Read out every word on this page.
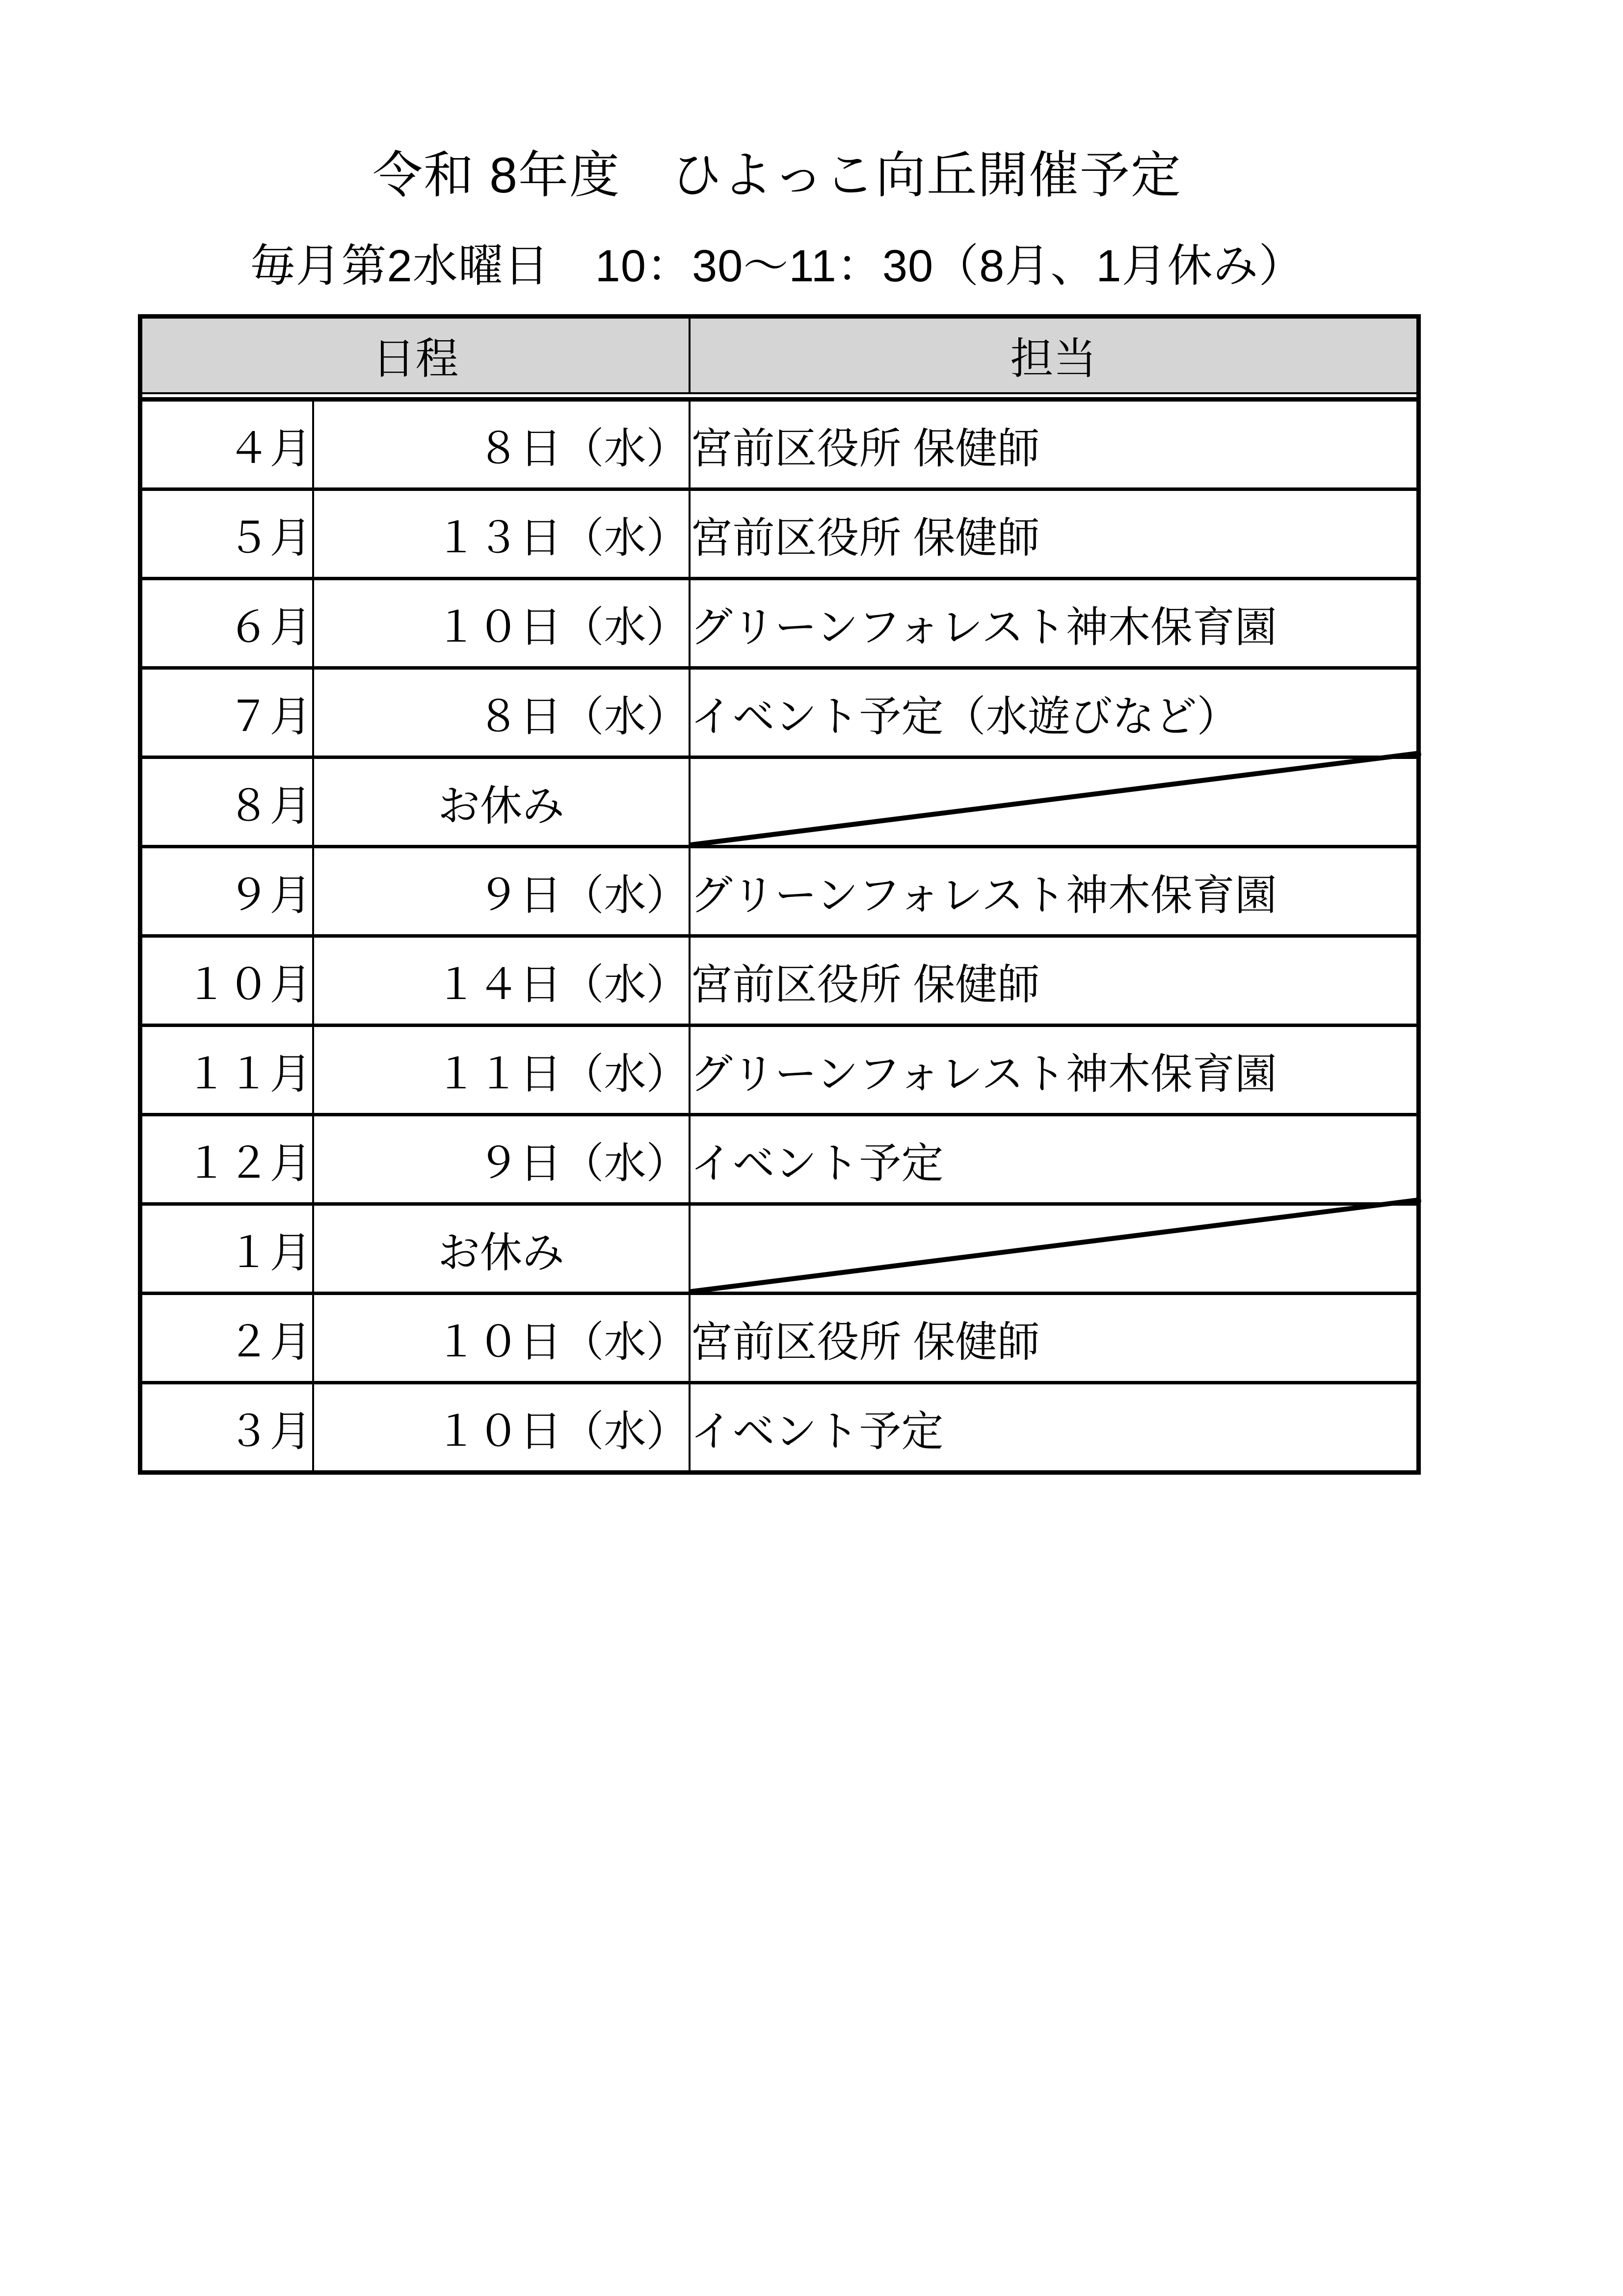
令和 8年度　ひよっこ向丘開催予定
毎月第2水曜日　10：30～11：30（8月、1月休み）
日程		担当

４月	８日（水）	宮前区役所 保健師
５月	１３日（水）	宮前区役所 保健師
６月	１０日（水）	グリーンフォレスト神木保育園
７月	８日（水）	イベント予定（水遊びなど）
８月	お休み	

９月	９日（水）	グリーンフォレスト神木保育園
１０月	１４日（水）	宮前区役所 保健師
１１月	１１日（水）	グリーンフォレスト神木保育園
１２月	９日（水）	イベント予定
１月	お休み	

２月	１０日（水）	宮前区役所 保健師
３月	１０日（水）	イベント予定
